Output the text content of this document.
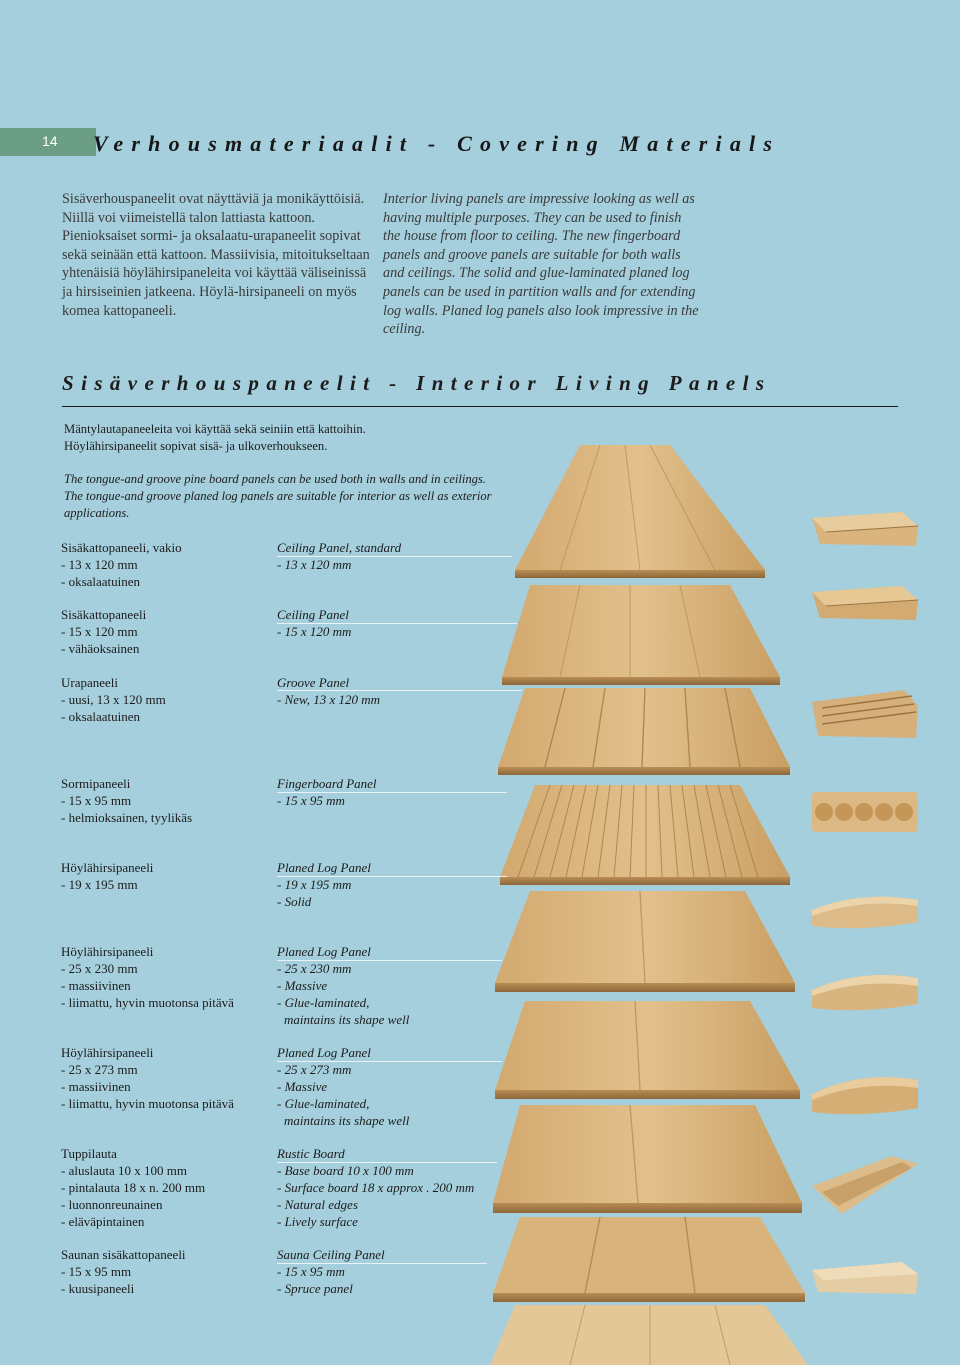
14 Verhousmateriaalit - Covering Materials
Sisäverhouspaneelit ovat näyttäviä ja monikäyttöisiä. Niillä voi viimeistellä talon lattiasta kattoon. Pienioksaiset sormi- ja oksalaatu-urapaneelit sopivat sekä seinään että kattoon. Massiivisia, mitoitukseltaan yhtenäisiä höylähirsipaneleita voi käyttää väliseinissä ja hirsiseinien jatkeena. Höylä-hirsipaneeli on myös komea kattopaneeli.
Interior living panels are impressive looking as well as having multiple purposes. They can be used to finish the house from floor to ceiling. The new fingerboard panels and groove panels are suitable for both walls and ceilings. The solid and glue-laminated planed log panels can be used in partition walls and for extending log walls. Planed log panels also look impressive in the ceiling.
Sisäverhouspaneelit - Interior Living Panels
Mäntylautapaneeleita voi käyttää sekä seiniin että kattoihin.
Höylähirsipaneelit sopivat sisä- ja ulkoverhoukseen.
The tongue-and groove pine board panels can be used both in walls and in ceilings.
The tongue-and groove planed log panels are suitable for interior as well as exterior applications.
Sisäkattopaneeli, vakio
- 13 x 120 mm
- oksalaatuinen
Ceiling Panel, standard
- 13 x 120 mm
Sisäkattopaneeli
- 15 x 120 mm
- vähäoksainen
Ceiling Panel
- 15 x 120 mm
Urapaneeli
- uusi, 13 x 120 mm
- oksalaatuinen
Groove Panel
- New, 13 x 120 mm
Sormipaneeli
- 15 x 95 mm
- helmioksainen, tyylikäs
Fingerboard Panel
- 15 x 95 mm
Höylähirsipaneeli
- 19 x 195 mm
Planed Log Panel
- 19 x 195 mm
- Solid
Höylähirsipaneeli
- 25 x 230 mm
- massiivinen
- liimattu, hyvin muotonsa pitävä
Planed Log Panel
- 25 x 230 mm
- Massive
- Glue-laminated,
maintains its shape well
Höylähirsipaneeli
- 25 x 273 mm
- massiivinen
- liimattu, hyvin muotonsa pitävä
Planed Log Panel
- 25 x 273 mm
- Massive
- Glue-laminated,
maintains its shape well
Tuppilauta
- aluslauta 10 x 100 mm
- pintalauta 18 x n. 200 mm
- luonnonreunainen
- eläväpintainen
Rustic Board
- Base board 10 x 100 mm
- Surface board 18 x approx . 200 mm
- Natural edges
- Lively surface
Saunan sisäkattopaneeli
- 15 x 95 mm
- kuusipaneeli
Sauna Ceiling Panel
- 15 x 95 mm
- Spruce panel
